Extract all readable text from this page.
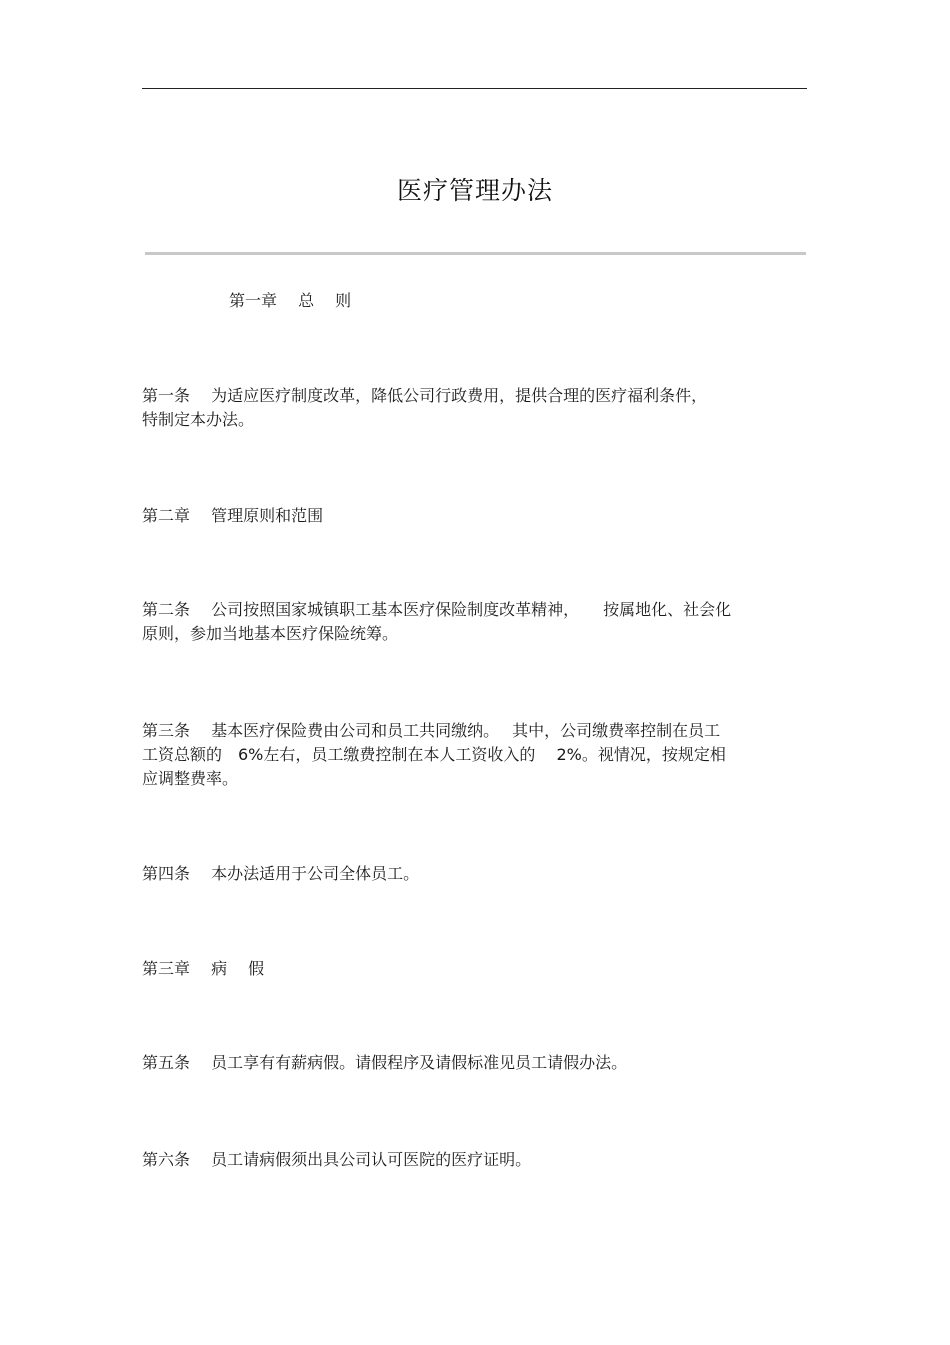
医疗管理办法
第一章　 总　 则
第一条　 为适应医疗制度改革，降低公司行政费用，提供合理的医疗福利条件，
特制定本办法。
第二章　 管理原则和范围
第二条　 公司按照国家城镇职工基本医疗保险制度改革精神，　　按属地化、社会化
原则，参加当地基本医疗保险统筹。
第三条　 基本医疗保险费由公司和员工共同缴纳。　 其中，公司缴费率控制在员工
工资总额的　6%左右，员工缴费控制在本人工资收入的　 2%。视情况，按规定相
应调整费率。
第四条　 本办法适用于公司全体员工。
第三章　 病　 假
第五条　 员工享有有薪病假。请假程序及请假标准见员工请假办法。
第六条　 员工请病假须出具公司认可医院的医疗证明。
